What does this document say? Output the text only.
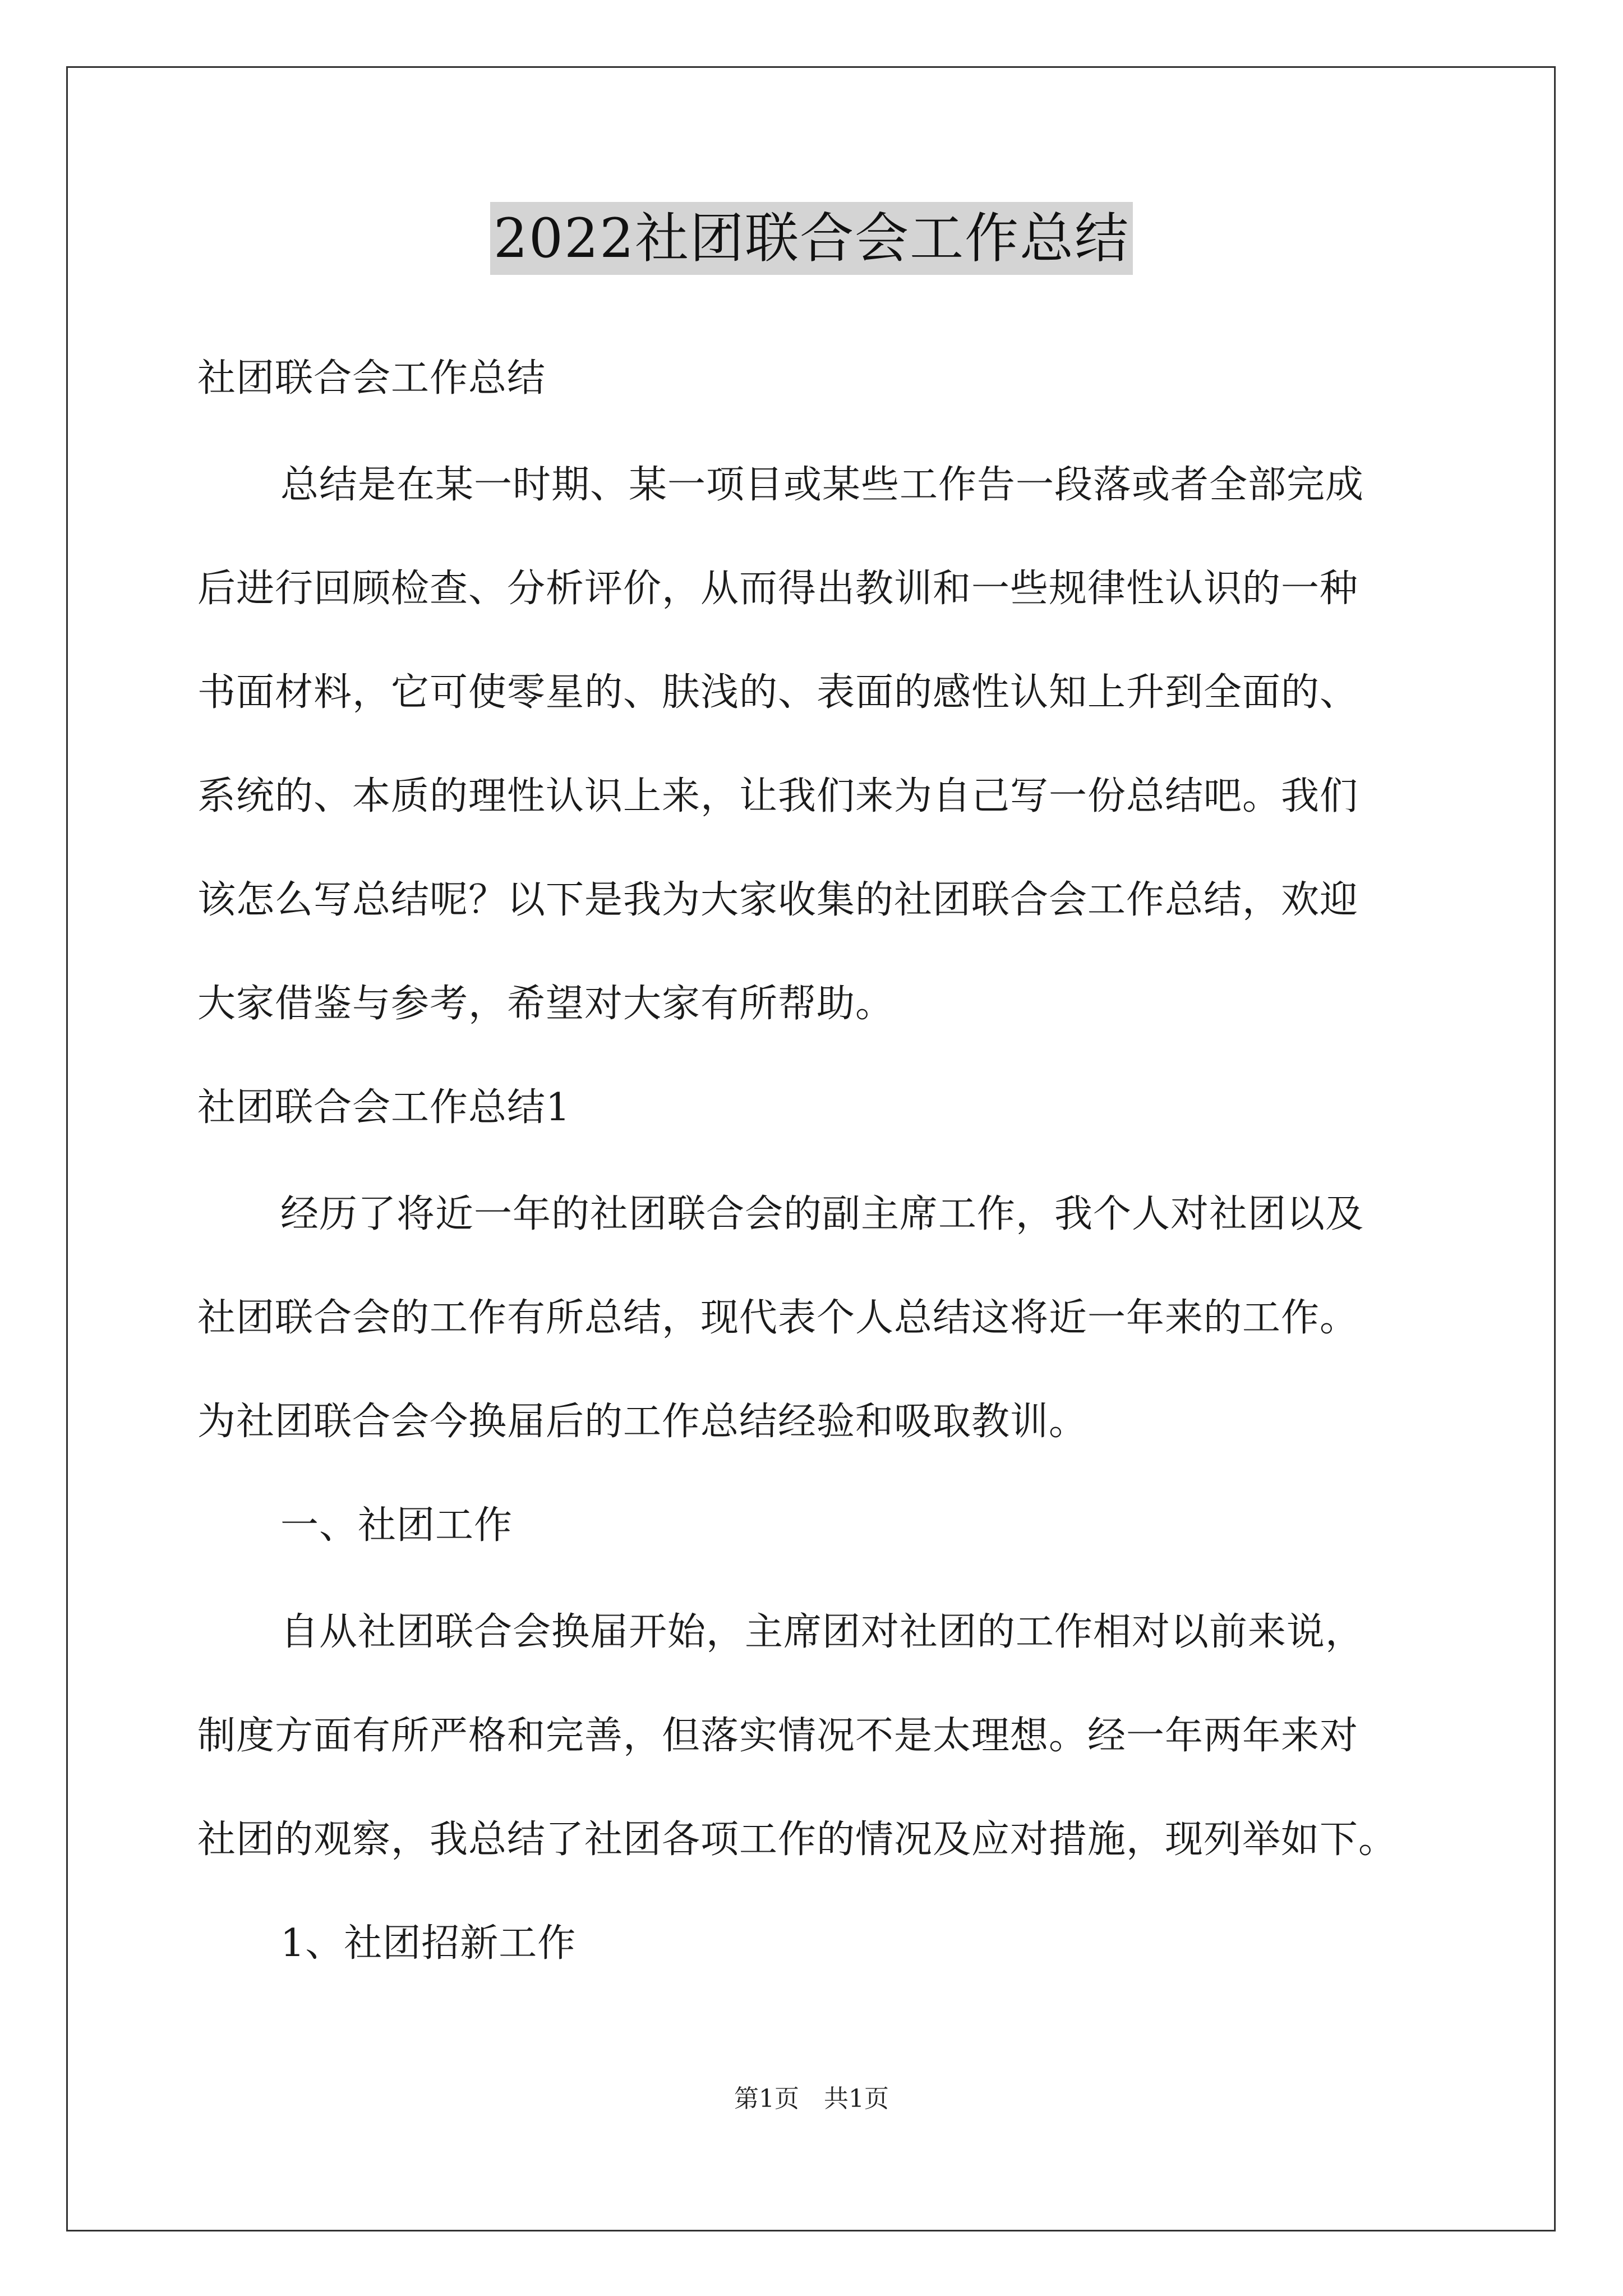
2022社团联合会工作总结
社团联合会工作总结
总结是在某一时期、某一项目或某些工作告一段落或者全部完成
后进行回顾检查、分析评价，从而得出教训和一些规律性认识的一种
书面材料，它可使零星的、肤浅的、表面的感性认知上升到全面的、
系统的、本质的理性认识上来，让我们来为自己写一份总结吧。我们
该怎么写总结呢？以下是我为大家收集的社团联合会工作总结，欢迎
大家借鉴与参考，希望对大家有所帮助。
社团联合会工作总结1
经历了将近一年的社团联合会的副主席工作，我个人对社团以及
社团联合会的工作有所总结，现代表个人总结这将近一年来的工作。
为社团联合会今换届后的工作总结经验和吸取教训。
一、社团工作
自从社团联合会换届开始，主席团对社团的工作相对以前来说，
制度方面有所严格和完善，但落实情况不是太理想。经一年两年来对
社团的观察，我总结了社团各项工作的情况及应对措施，现列举如下。
1、社团招新工作
第1页　共1页
